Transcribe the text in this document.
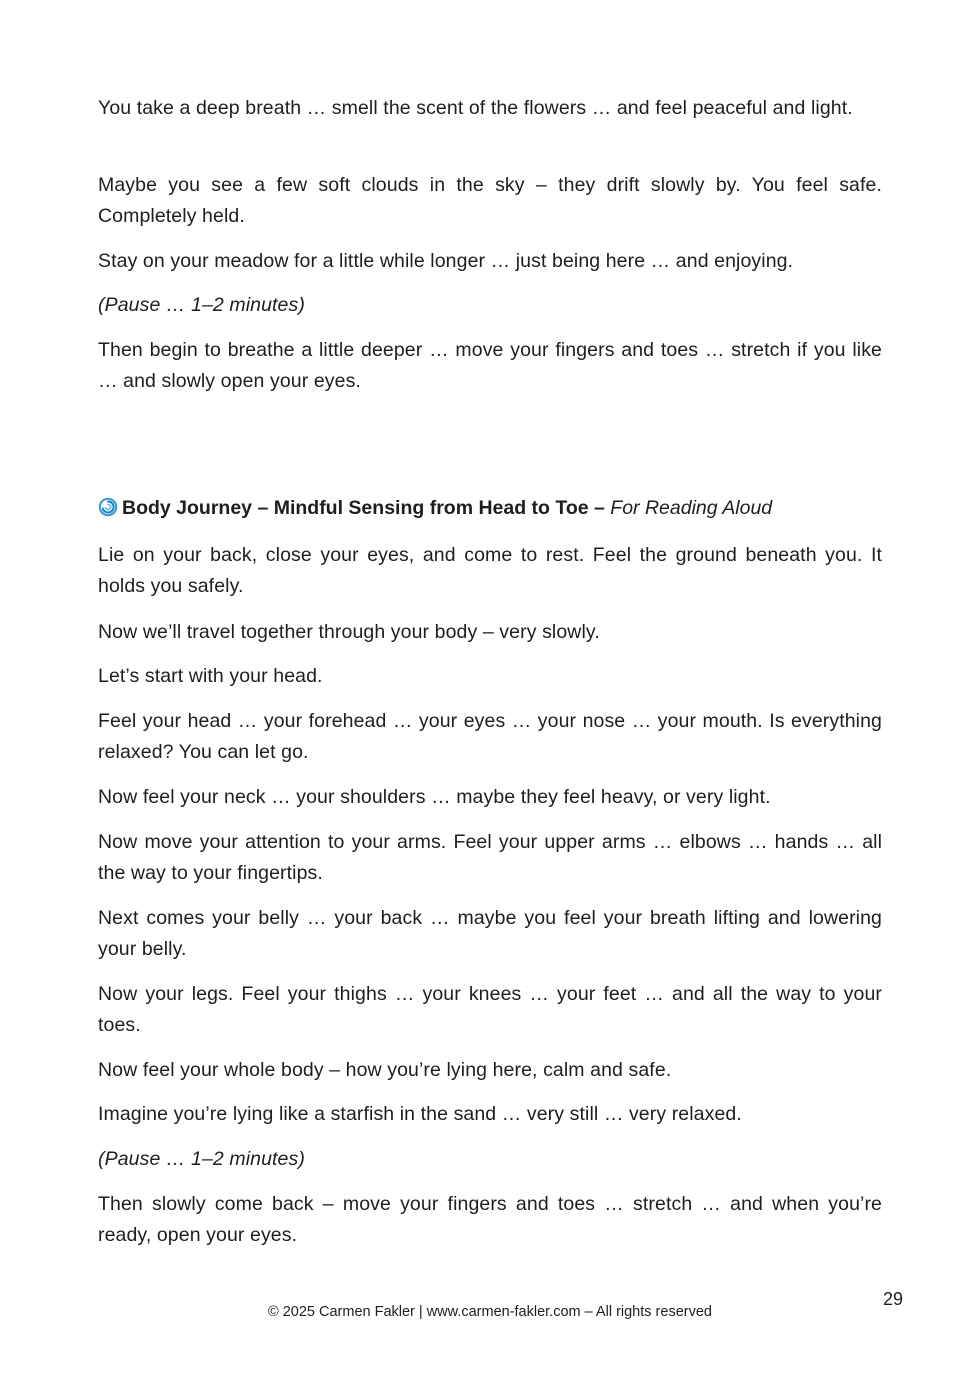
You take a deep breath … smell the scent of the flowers … and feel peaceful and light.

Maybe you see a few soft clouds in the sky – they drift slowly by. You feel safe. Completely held.

Stay on your meadow for a little while longer … just being here … and enjoying.

(Pause … 1–2 minutes)

Then begin to breathe a little deeper … move your fingers and toes … stretch if you like … and slowly open your eyes.

Body Journey – Mindful Sensing from Head to Toe – For Reading Aloud

Lie on your back, close your eyes, and come to rest. Feel the ground beneath you. It holds you safely.

Now we’ll travel together through your body – very slowly.

Let’s start with your head.

Feel your head … your forehead … your eyes … your nose … your mouth. Is everything relaxed? You can let go.

Now feel your neck … your shoulders … maybe they feel heavy, or very light.

Now move your attention to your arms. Feel your upper arms … elbows … hands … all the way to your fingertips.

Next comes your belly … your back … maybe you feel your breath lifting and lowering your belly.

Now your legs. Feel your thighs … your knees … your feet … and all the way to your toes.

Now feel your whole body – how you’re lying here, calm and safe.

Imagine you’re lying like a starfish in the sand … very still … very relaxed.

(Pause … 1–2 minutes)

Then slowly come back – move your fingers and toes … stretch … and when you’re ready, open your eyes.

29
© 2025 Carmen Fakler | www.carmen-fakler.com – All rights reserved
